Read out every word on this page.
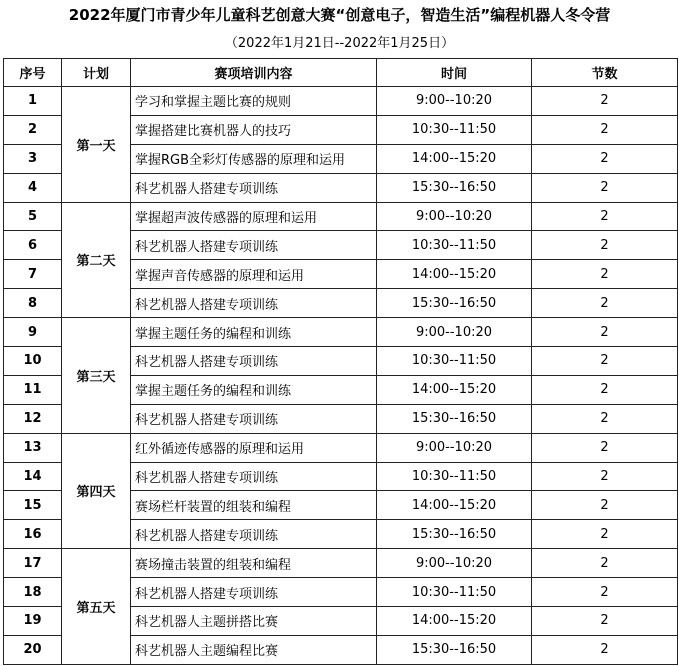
2022年厦门市青少年儿童科艺创意大赛“创意电子，智造生活”编程机器人冬令营
（2022年1月21日--2022年1月25日）
序号	计划	赛项培训内容	时间	节数
1	第一天	学习和掌握主题比赛的规则	9:00--10:20	2
2		掌握搭建比赛机器人的技巧	10:30--11:50	2
3		掌握RGB全彩灯传感器的原理和运用	14:00--15:20	2
4		科艺机器人搭建专项训练	15:30--16:50	2
5	第二天	掌握超声波传感器的原理和运用	9:00--10:20	2
6		科艺机器人搭建专项训练	10:30--11:50	2
7		掌握声音传感器的原理和运用	14:00--15:20	2
8		科艺机器人搭建专项训练	15:30--16:50	2
9	第三天	掌握主题任务的编程和训练	9:00--10:20	2
10		科艺机器人搭建专项训练	10:30--11:50	2
11		掌握主题任务的编程和训练	14:00--15:20	2
12		科艺机器人搭建专项训练	15:30--16:50	2
13	第四天	红外循迹传感器的原理和运用	9:00--10:20	2
14		科艺机器人搭建专项训练	10:30--11:50	2
15		赛场栏杆装置的组装和编程	14:00--15:20	2
16		科艺机器人搭建专项训练	15:30--16:50	2
17	第五天	赛场撞击装置的组装和编程	9:00--10:20	2
18		科艺机器人搭建专项训练	10:30--11:50	2
19		科艺机器人主题拼搭比赛	14:00--15:20	2
20		科艺机器人主题编程比赛	15:30--16:50	2
